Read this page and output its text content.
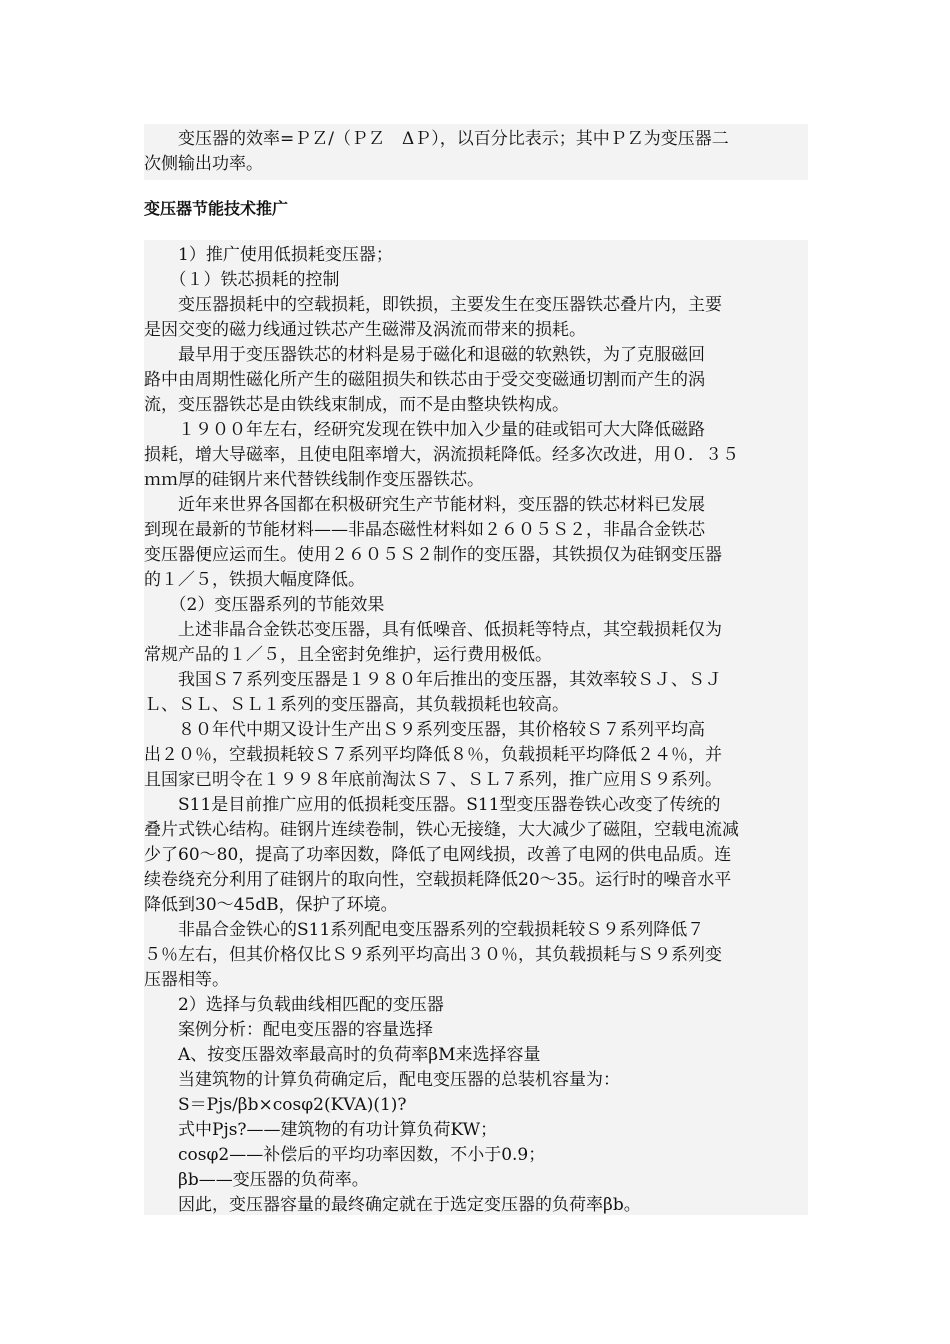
　　变压器的效率=ＰＺ/（ＰＺ　ΔＰ），以百分比表示；其中ＰＺ为变压器二
次侧输出功率。
变压器节能技术推广
　　1）推广使用低损耗变压器；
　　（１）铁芯损耗的控制
　　变压器损耗中的空载损耗，即铁损，主要发生在变压器铁芯叠片内，主要
是因交变的磁力线通过铁芯产生磁滞及涡流而带来的损耗。
　　最早用于变压器铁芯的材料是易于磁化和退磁的软熟铁，为了克服磁回
路中由周期性磁化所产生的磁阻损失和铁芯由于受交变磁通切割而产生的涡
流，变压器铁芯是由铁线束制成，而不是由整块铁构成。
　　１９００年左右，经研究发现在铁中加入少量的硅或铝可大大降低磁路
损耗，增大导磁率，且使电阻率增大，涡流损耗降低。经多次改进，用０．３５
ｍｍ厚的硅钢片来代替铁线制作变压器铁芯。
　　近年来世界各国都在积极研究生产节能材料，变压器的铁芯材料已发展
到现在最新的节能材料——非晶态磁性材料如２６０５Ｓ２，非晶合金铁芯
变压器便应运而生。使用２６０５Ｓ２制作的变压器，其铁损仅为硅钢变压器
的１／５，铁损大幅度降低。
　　（2）变压器系列的节能效果
　　上述非晶合金铁芯变压器，具有低噪音、低损耗等特点，其空载损耗仅为
常规产品的１／５，且全密封免维护，运行费用极低。
　　我国Ｓ７系列变压器是１９８０年后推出的变压器，其效率较ＳＪ、ＳＪ
Ｌ、ＳＬ、ＳＬ１系列的变压器高，其负载损耗也较高。
　　８０年代中期又设计生产出Ｓ９系列变压器，其价格较Ｓ７系列平均高
出２０％，空载损耗较Ｓ７系列平均降低８％，负载损耗平均降低２４％，并
且国家已明令在１９９８年底前淘汰Ｓ７、ＳＬ７系列，推广应用Ｓ９系列。
　　S11是目前推广应用的低损耗变压器。S11型变压器卷铁心改变了传统的
叠片式铁心结构。硅钢片连续卷制，铁心无接缝，大大减少了磁阻，空载电流减
少了60～80，提高了功率因数，降低了电网线损，改善了电网的供电品质。连
续卷绕充分利用了硅钢片的取向性，空载损耗降低20～35。运行时的噪音水平
降低到30～45dB，保护了环境。
　　非晶合金铁心的S11系列配电变压器系列的空载损耗较Ｓ９系列降低７
５％左右，但其价格仅比Ｓ９系列平均高出３０％，其负载损耗与Ｓ９系列变
压器相等。
　　2）选择与负载曲线相匹配的变压器
　　案例分析：配电变压器的容量选择
　　A、按变压器效率最高时的负荷率βM来选择容量
　　当建筑物的计算负荷确定后，配电变压器的总装机容量为：
　　S＝Pjs/βb×cosφ2(KVA)(1)?
　　式中Pjs?——建筑物的有功计算负荷KW；
　　cosφ2——补偿后的平均功率因数，不小于0.9；
　　βb——变压器的负荷率。
　　因此，变压器容量的最终确定就在于选定变压器的负荷率βb。
